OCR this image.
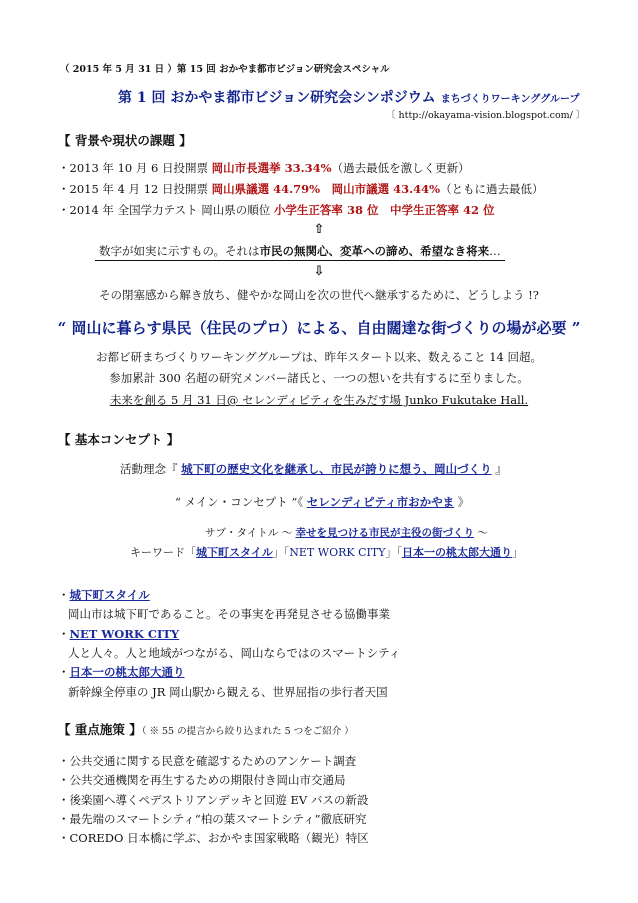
（ 2015 年 5 月 31 日 ）第 15 回 おかやま都市ビジョン研究会スペシャル
第 1 回 おかやま都市ビジョン研究会シンポジウム まちづくりワーキンググループ
〔 http://okayama-vision.blogspot.com/ 〕
【 背景や現状の課題 】
・2013 年 10 月 6 日投開票 岡山市長選挙 33.34%（過去最低を激しく更新）
・2015 年 4 月 12 日投開票 岡山県議選 44.79%　 岡山市議選 43.44%（ともに過去最低）
・2014 年 全国学力テスト 岡山県の順位 小学生正答率 38 位　 中学生正答率 42 位
⇧
数字が如実に示すもの。それは市民の無関心、変革への諦め、希望なき将来…
⇩
その閉塞感から解き放ち、健やかな岡山を次の世代へ継承するために、どうしよう !?
“ 岡山に暮らす県民（住民のプロ）による、自由闊達な街づくりの場が必要 ”
お都ビ研まちづくりワーキンググループは、昨年スタート以来、数えること 14 回超。
参加累計 300 名超の研究メンバー諸氏と、一つの想いを共有するに至りました。
未来を創る 5 月 31 日@ セレンディピティを生みだす場 Junko Fukutake Hall.
【 基本コンセプト 】
活動理念『 城下町の歴史文化を継承し、市民が誇りに想う、岡山づくり 』
“ メイン・コンセプト ”《 セレンディピティ市おかやま 》
サブ・タイトル 〜 幸せを見つける市民が主役の街づくり 〜
キーワード「城下町スタイル」「NET WORK CITY」「日本一の桃太郎大通り」
・城下町スタイル
岡山市は城下町であること。その事実を再発見させる協働事業
・NET WORK CITY
人と人々。人と地域がつながる、岡山ならではのスマートシティ
・日本一の桃太郎大通り
新幹線全停車の JR 岡山駅から観える、世界屈指の歩行者天国
【 重点施策 】（ ※ 55 の提言から絞り込まれた 5 つをご紹介 ）
・公共交通に関する民意を確認するためのアンケート調査
・公共交通機関を再生するための期限付き岡山市交通局
・後楽園へ導くペデストリアンデッキと回遊 EV バスの新設
・最先端のスマートシティ“柏の葉スマートシティ”徹底研究
・COREDO 日本橋に学ぶ、おかやま国家戦略（観光）特区
